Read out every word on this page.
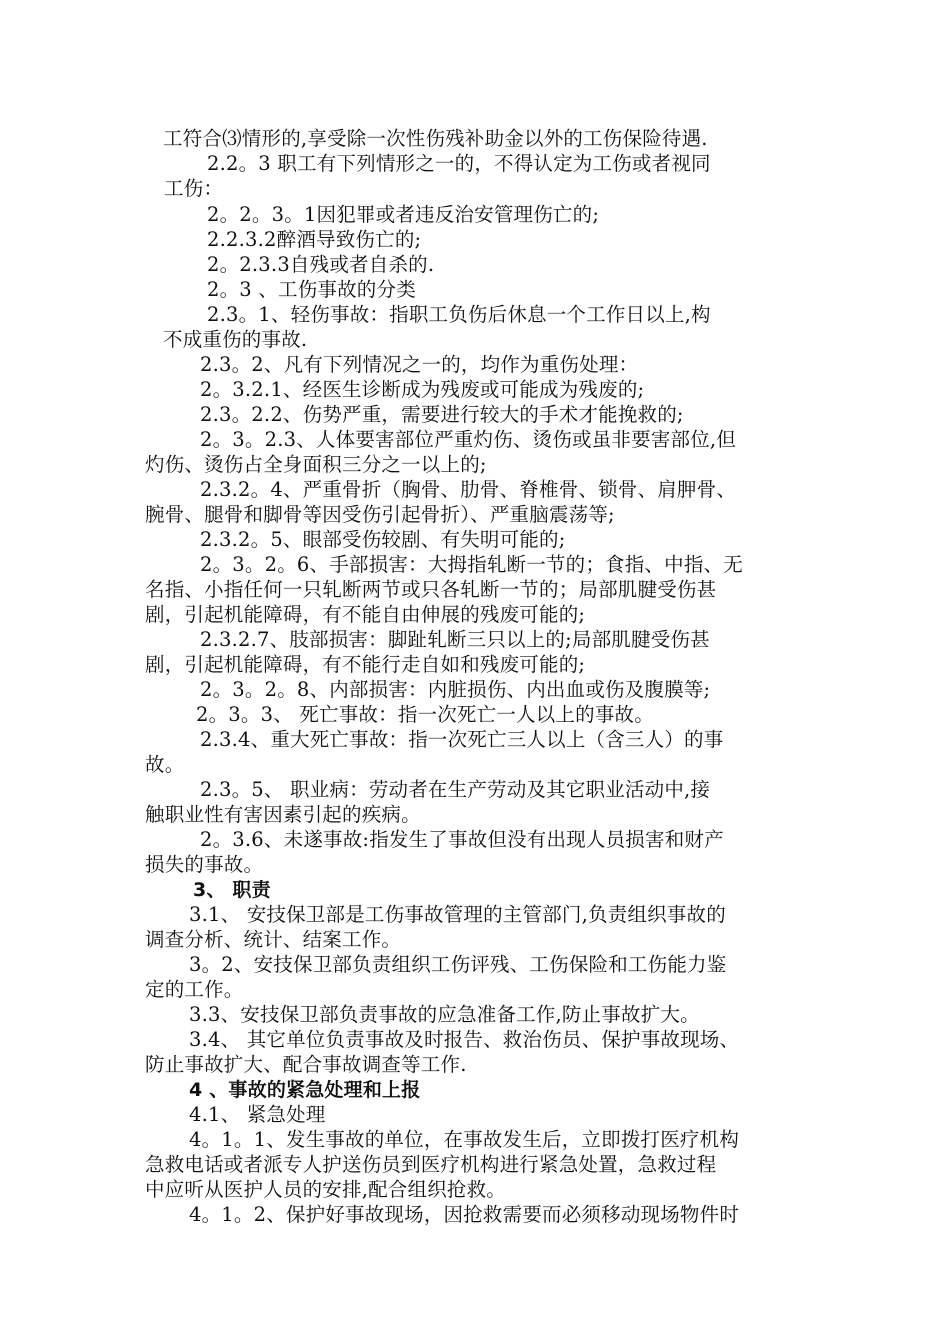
工符合⑶情形的,享受除一次性伤残补助金以外的工伤保险待遇.
2.2。3 职工有下列情形之一的，不得认定为工伤或者视同
工伤：
2。2。3。1因犯罪或者违反治安管理伤亡的;
2.2.3.2醉酒导致伤亡的;
2。2.3.3自残或者自杀的.
2。3 、工伤事故的分类
2.3。1、轻伤事故：指职工负伤后休息一个工作日以上,构
不成重伤的事故.
2.3。2、凡有下列情况之一的，均作为重伤处理：
2。3.2.1、经医生诊断成为残废或可能成为残废的;
2.3。2.2、伤势严重，需要进行较大的手术才能挽救的;
2。3。2.3、人体要害部位严重灼伤、烫伤或虽非要害部位,但
灼伤、烫伤占全身面积三分之一以上的;
2.3.2。4、严重骨折（胸骨、肋骨、脊椎骨、锁骨、肩胛骨、
腕骨、腿骨和脚骨等因受伤引起骨折）、严重脑震荡等;
2.3.2。5、眼部受伤较剧、有失明可能的;
2。3。2。6、手部损害：大拇指轧断一节的；食指、中指、无
名指、小指任何一只轧断两节或只各轧断一节的；局部肌腱受伤甚
剧，引起机能障碍，有不能自由伸展的残废可能的;
2.3.2.7、肢部损害：脚趾轧断三只以上的;局部肌腱受伤甚
剧，引起机能障碍，有不能行走自如和残废可能的;
2。3。2。8、内部损害：内脏损伤、内出血或伤及腹膜等;
2。3。3、 死亡事故：指一次死亡一人以上的事故。
2.3.4、重大死亡事故：指一次死亡三人以上（含三人）的事
故。
2.3。5、 职业病：劳动者在生产劳动及其它职业活动中,接
触职业性有害因素引起的疾病。
2。3.6、未遂事故:指发生了事故但没有出现人员损害和财产
损失的事故。
3、 职责
3.1、 安技保卫部是工伤事故管理的主管部门,负责组织事故的
调查分析、统计、结案工作。
3。2、安技保卫部负责组织工伤评残、工伤保险和工伤能力鉴
定的工作。
3.3、安技保卫部负责事故的应急准备工作,防止事故扩大。
3.4、 其它单位负责事故及时报告、救治伤员、保护事故现场、
防止事故扩大、配合事故调查等工作.
4 、事故的紧急处理和上报
4.1、 紧急处理
4。1。1、发生事故的单位，在事故发生后，立即拨打医疗机构
急救电话或者派专人护送伤员到医疗机构进行紧急处置，急救过程
中应听从医护人员的安排,配合组织抢救。
4。1。2、保护好事故现场，因抢救需要而必须移动现场物件时
